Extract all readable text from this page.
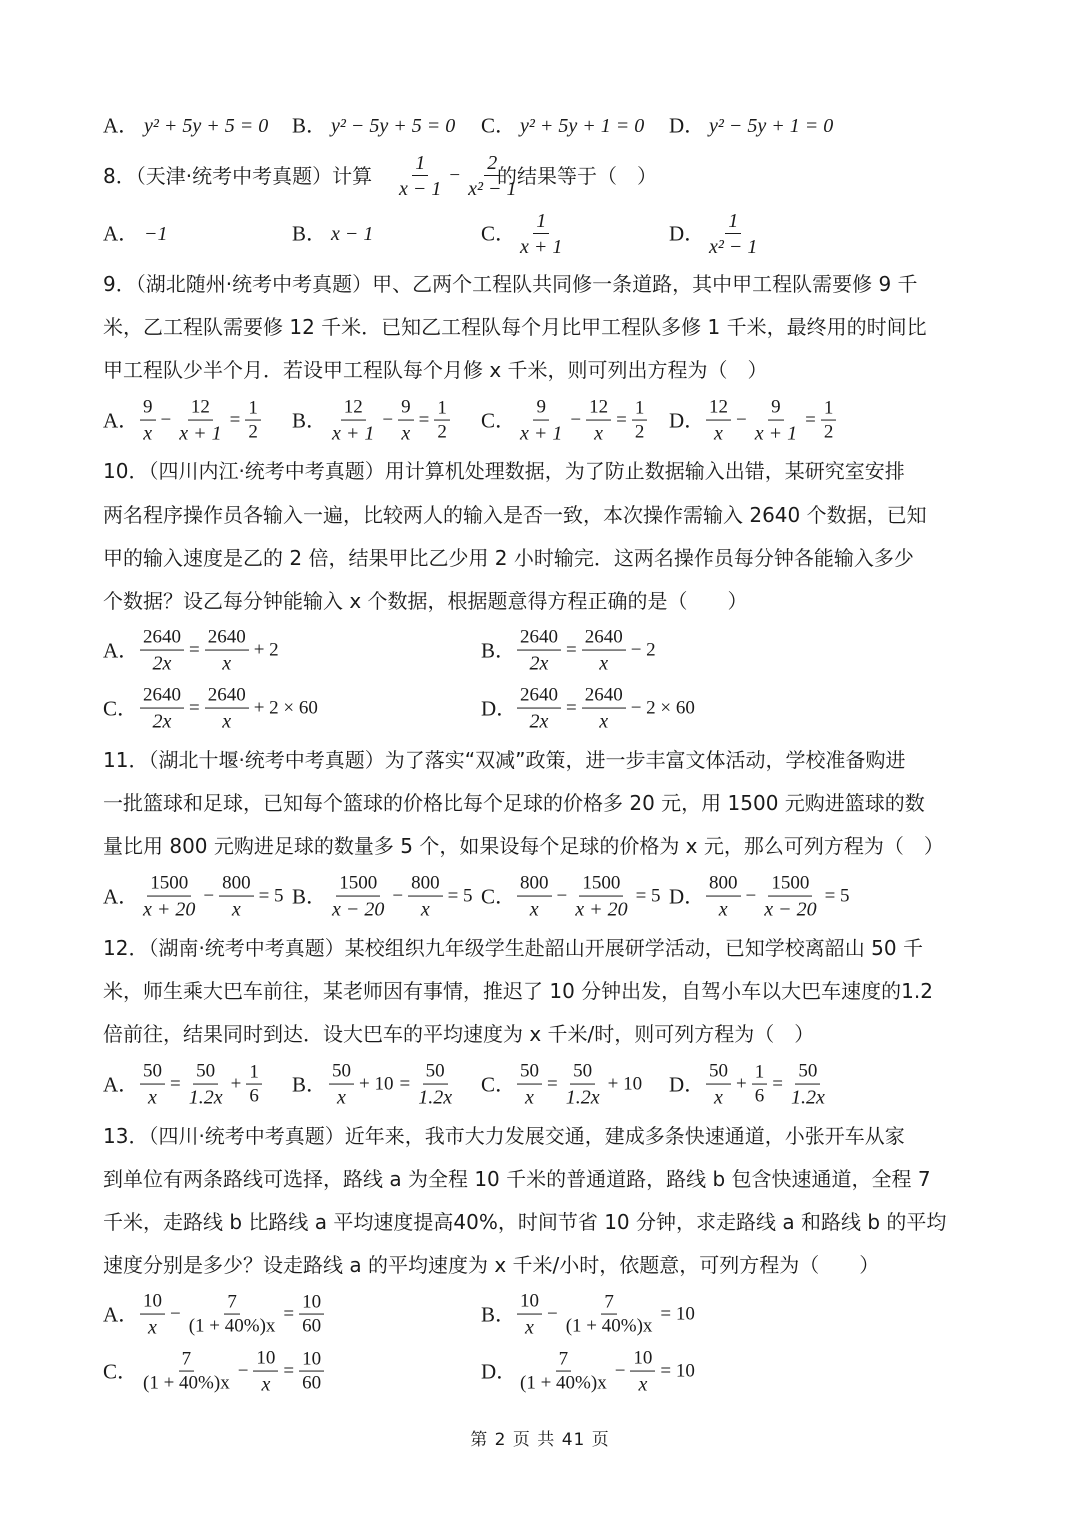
A． y² + 5y + 5 = 0 B． y² − 5y + 5 = 0 C． y² + 5y + 1 = 0 D． y² − 5y + 1 = 0
8．（天津·统考中考真题）计算 $\frac{1}{x - 1} - \frac{2}{\text{x² − 1}}$
的结果等于（　）
A． −1	B． x − 1	C． $\frac{1}{x + 1}$	D． $\frac{1}{\text{x² − 1}}$
9．（湖北随州·统考中考真题）甲、乙两个工程队共同修一条道路，其中甲工程队需要修 9 千
米，乙工程队需要修 12 千米．已知乙工程队每个月比甲工程队多修 1 千米，最终用的时间比
甲工程队少半个月．若设甲工程队每个月修 x 千米，则可列出方程为（　）
A． $\frac{9}{x} - \frac{12}{x + 1} = \frac{1}{2}$ B． $\frac{12}{x + 1} - \frac{9}{x} = \frac{1}{2}$ C． $\frac{9}{x + 1} - \frac{12}{x} = \frac{1}{2}$ D． $\frac{12}{x} - \frac{9}{x + 1} = \frac{1}{2}$
10．（四川内江·统考中考真题）用计算机处理数据，为了防止数据输入出错，某研究室安排
两名程序操作员各输入一遍，比较两人的输入是否一致，本次操作需输入 2640 个数据，已知
甲的输入速度是乙的 2 倍，结果甲比乙少用 2 小时输完．这两名操作员每分钟各能输入多少
个数据？设乙每分钟能输入 x 个数据，根据题意得方程正确的是（　　）
A． $\frac{2640}{2x} = \frac{2640}{x} + 2$	B． $\frac{2640}{2x} = \frac{2640}{x} - 2$
C． $\frac{2640}{2x} = \frac{2640}{x} + 2 \times 60$	D． $\frac{2640}{2x} = \frac{2640}{x} - 2 \times 60$
11．（湖北十堰·统考中考真题）为了落实“双减”政策，进一步丰富文体活动，学校准备购进
一批篮球和足球，已知每个篮球的价格比每个足球的价格多 20 元，用 1500 元购进篮球的数
量比用 800 元购进足球的数量多 5 个，如果设每个足球的价格为 x 元，那么可列方程为（　）
A． $\frac{1500}{x + 20} - \frac{800}{x} = 5$ B． $\frac{1500}{x - 20} - \frac{800}{x} = 5$ C． $\frac{800}{x} - \frac{1500}{x + 20} = 5$ D． $\frac{800}{x} - \frac{1500}{x - 20} = 5$
12．（湖南·统考中考真题）某校组织九年级学生赴韶山开展研学活动，已知学校离韶山 50 千
米，师生乘大巴车前往，某老师因有事情，推迟了 10 分钟出发，自驾小车以大巴车速度的1.2
倍前往，结果同时到达．设大巴车的平均速度为 x 千米/时，则可列方程为（　）
A． $\frac{50}{x} = \frac{50}{1.2x} + \frac{1}{6}$ B． $\frac{50}{x} + 10 = \frac{50}{1.2x}$ C． $\frac{50}{x} = \frac{50}{1.2x} + 10$ D． $\frac{50}{x} + \frac{1}{6} = \frac{50}{1.2x}$
13．（四川·统考中考真题）近年来，我市大力发展交通，建成多条快速通道，小张开车从家
到单位有两条路线可选择，路线 a 为全程 10 千米的普通道路，路线 b 包含快速通道，全程 7
千米，走路线 b 比路线 a 平均速度提高40%，时间节省 10 分钟，求走路线 a 和路线 b 的平均
速度分别是多少？设走路线 a 的平均速度为 x 千米/小时，依题意，可列方程为（　　）
A． $\frac{10}{x} - \frac{7}{(1 + 40\%)x} = \frac{10}{60}$	B． $\frac{10}{x} - \frac{7}{(1 + 40\%)x} = 10$
C． $\frac{7}{(1 + 40\%)x} - \frac{10}{x} = \frac{10}{60}$	D． $\frac{7}{(1 + 40\%)x} - \frac{10}{x} = 10$
第 2 页 共 41 页
